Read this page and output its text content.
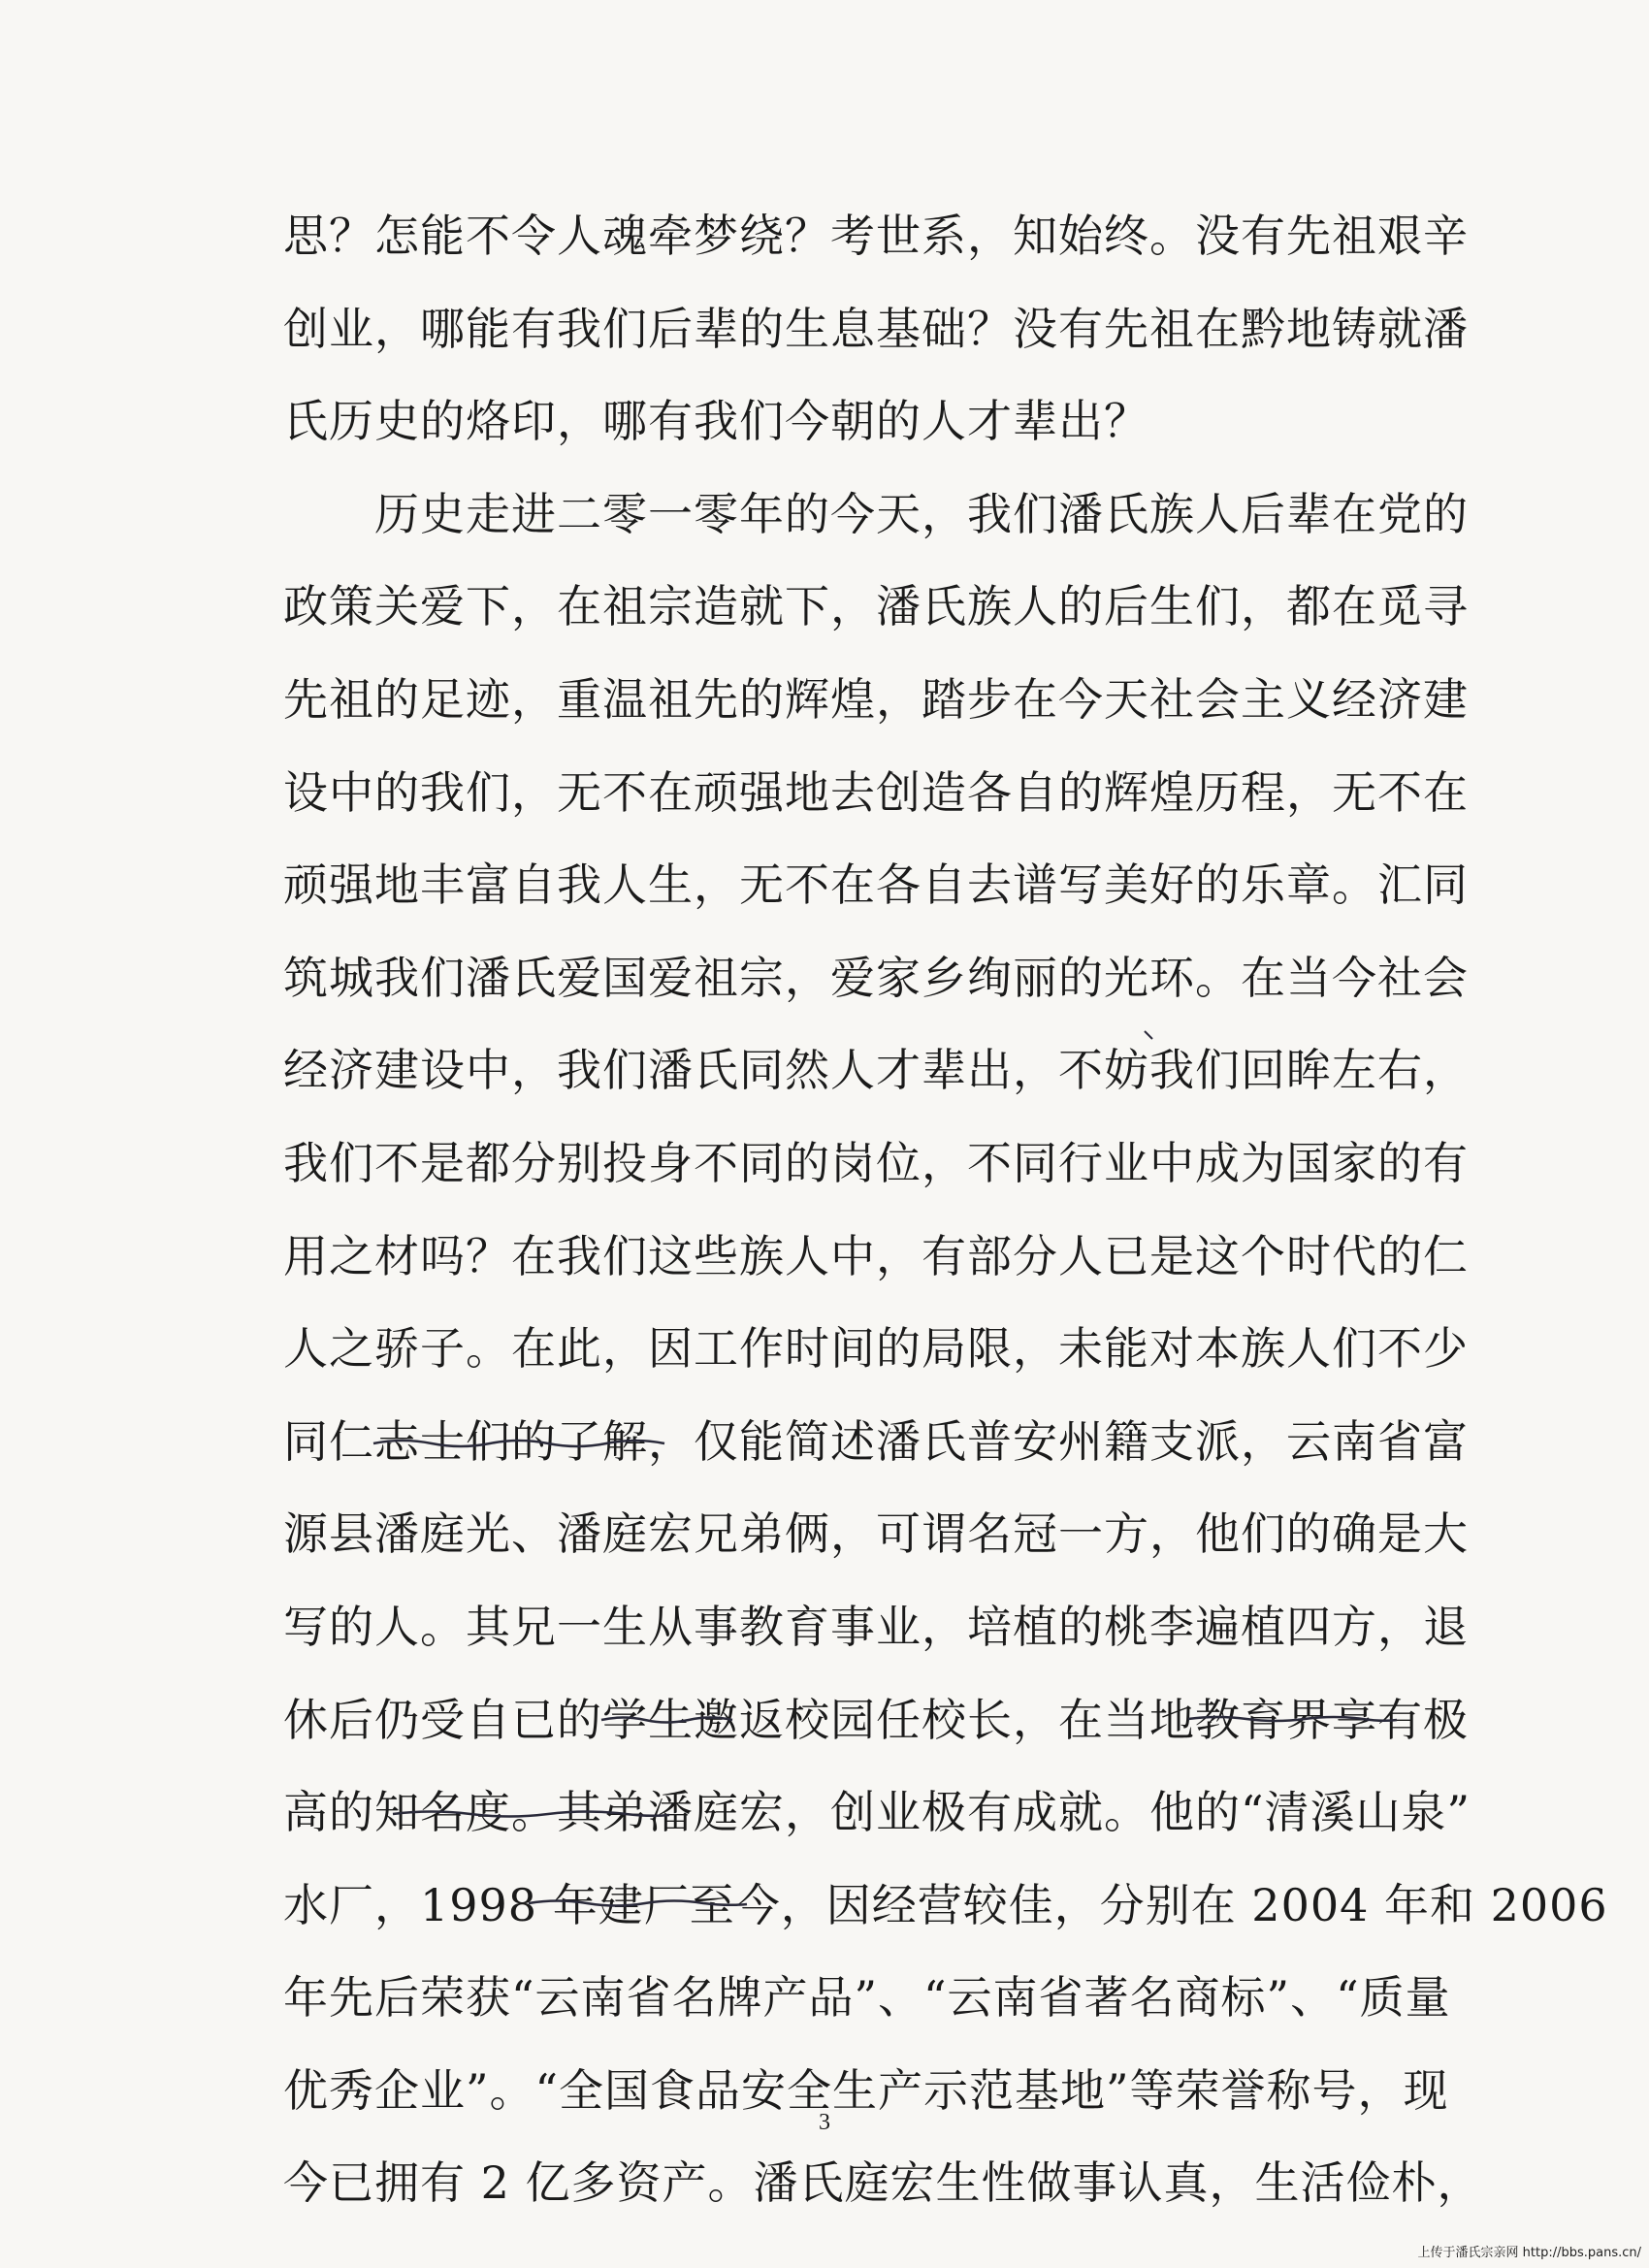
思？怎能不令人魂牵梦绕？考世系，知始终。没有先祖艰辛
创业，哪能有我们后辈的生息基础？没有先祖在黔地铸就潘
氏历史的烙印，哪有我们今朝的人才辈出？
　　历史走进二零一零年的今天，我们潘氏族人后辈在党的
政策关爱下，在祖宗造就下，潘氏族人的后生们，都在觅寻
先祖的足迹，重温祖先的辉煌，踏步在今天社会主义经济建
设中的我们，无不在顽强地去创造各自的辉煌历程，无不在
顽强地丰富自我人生，无不在各自去谱写美好的乐章。汇同
筑城我们潘氏爱国爱祖宗，爱家乡绚丽的光环。在当今社会
经济建设中，我们潘氏同然人才辈出，不妨我们回眸左右，
我们不是都分别投身不同的岗位，不同行业中成为国家的有
用之材吗？在我们这些族人中，有部分人已是这个时代的仁
人之骄子。在此，因工作时间的局限，未能对本族人们不少
同仁志士们的了解，仅能简述潘氏普安州籍支派，云南省富
源县潘庭光、潘庭宏兄弟俩，可谓名冠一方，他们的确是大
写的人。其兄一生从事教育事业，培植的桃李遍植四方，退
休后仍受自已的学生邀返校园任校长，在当地教育界享有极
高的知名度。其弟潘庭宏，创业极有成就。他的“清溪山泉”
水厂，1998 年建厂至今，因经营较佳，分别在 2004 年和 2006
年先后荣获“云南省名牌产品”、“云南省著名商标”、“质量
优秀企业”。“全国食品安全生产示范基地”等荣誉称号，现
今已拥有 2 亿多资产。潘氏庭宏生性做事认真，生活俭朴，
3
上传于潘氏宗亲网 http://bbs.pans.cn/
